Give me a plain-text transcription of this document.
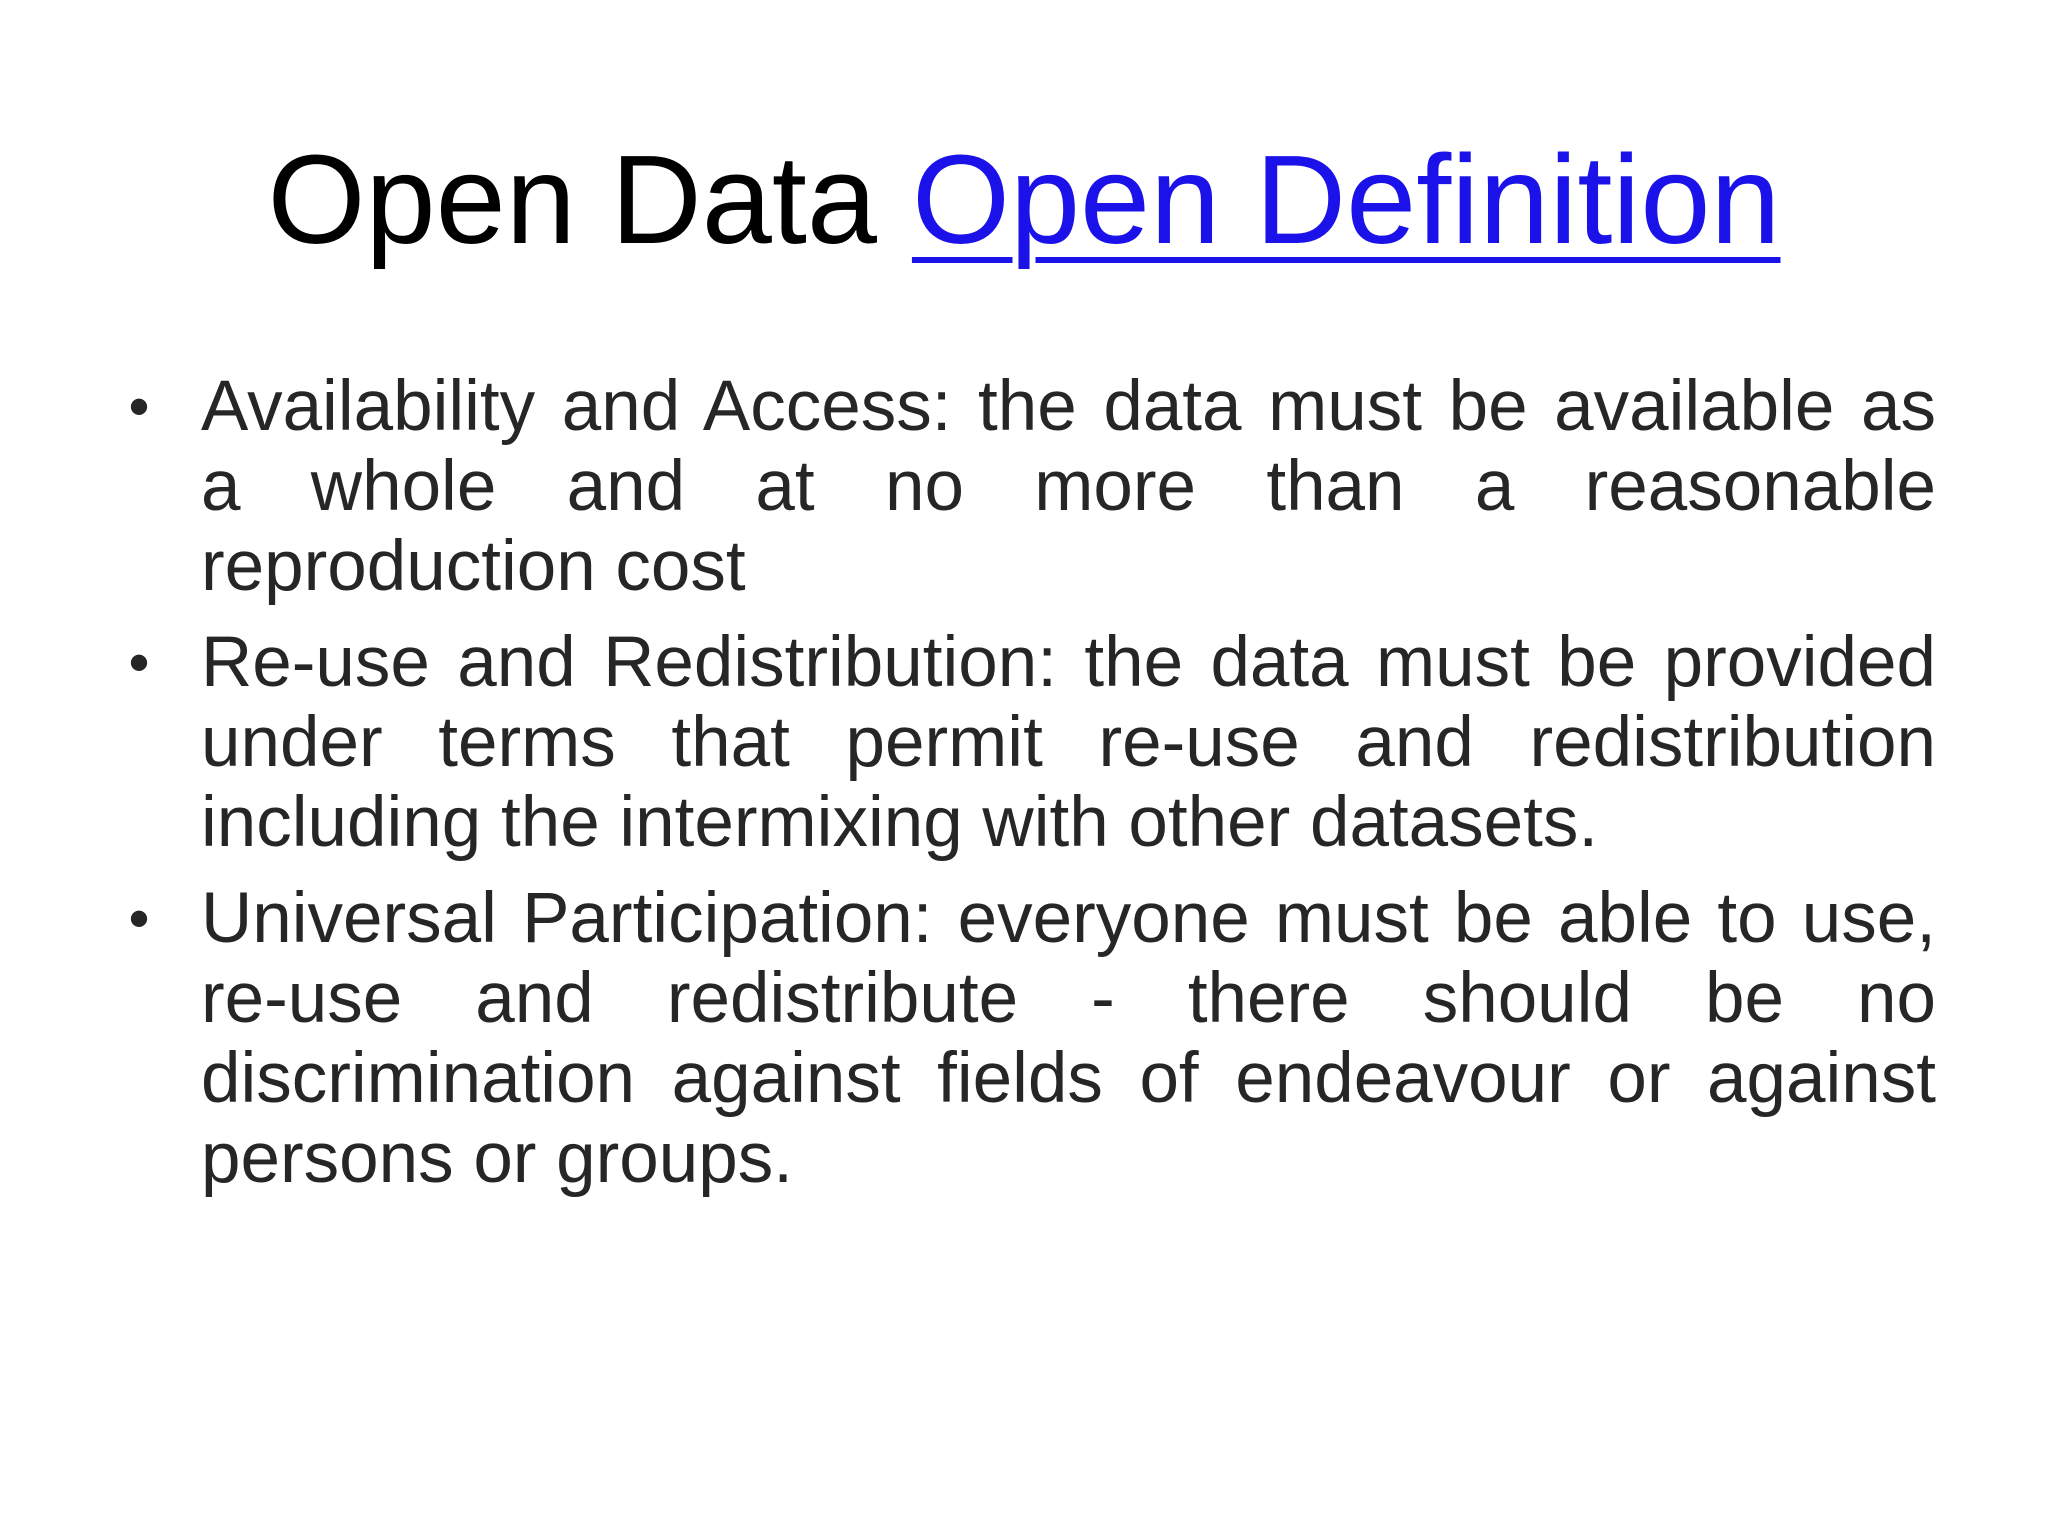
Open Data Open Definition
• Availability and Access: the data must be available as a whole and at no more than a reasonable reproduction cost
• Re-use and Redistribution: the data must be provided under terms that permit re-use and redistribution including the intermixing with other datasets.
• Universal Participation: everyone must be able to use, re-use and redistribute - there should be no discrimination against fields of endeavour or against persons or groups.
